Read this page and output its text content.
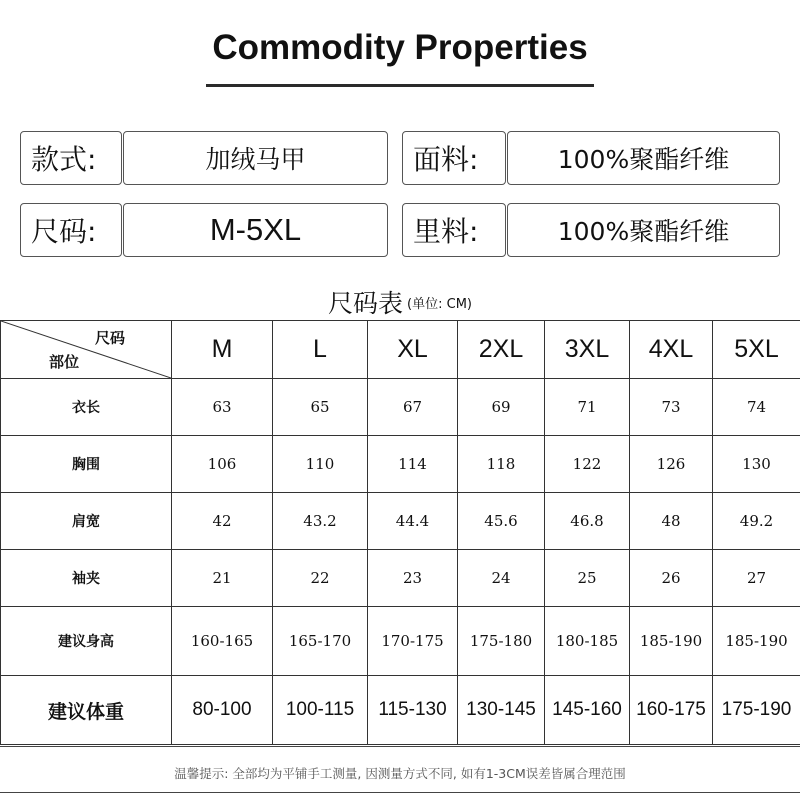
Commodity Properties
款式:	加绒马甲	面料:	100%聚酯纤维
尺码:	M-5XL	里料:	100%聚酯纤维
尺码表 (单位: CM)
尺码
部位	M	L	XL	2XL	3XL	4XL	5XL
衣长	63	65	67	69	71	73	74
胸围	106	110	114	118	122	126	130
肩宽	42	43.2	44.4	45.6	46.8	48	49.2
袖夹	21	22	23	24	25	26	27
建议身高	160-165	165-170	170-175	175-180	180-185	185-190	185-190
建议体重	80-100	100-115	115-130	130-145	145-160	160-175	175-190
温馨提示: 全部均为平铺手工测量, 因测量方式不同, 如有1-3CM误差皆属合理范围
